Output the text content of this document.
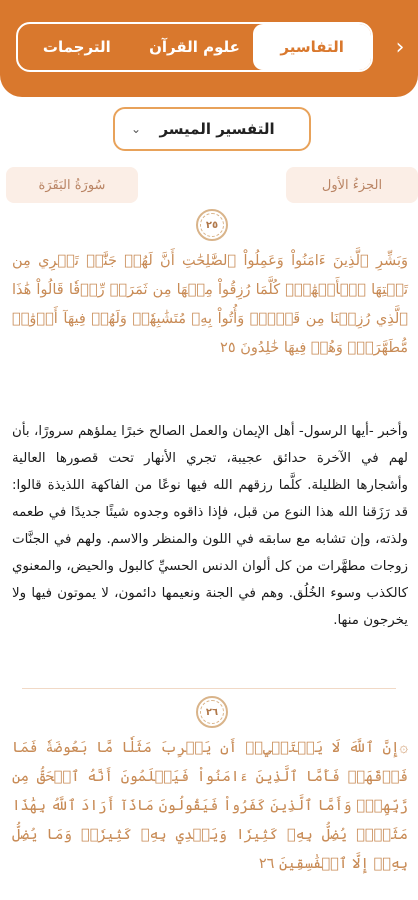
›
التفاسير
علوم القرآن
الترجمات
التفسير الميسر
⌄
الجزءُ الأول
سُورَةُ البَقَرَة
٢٥
وَبَشِّرِ ٱلَّذِينَ ءَامَنُواْ وَعَمِلُواْ ٱلصَّٰلِحَٰتِ أَنَّ لَهُمۡ جَنَّٰتٖ تَجۡرِي مِن تَحۡتِهَا ٱلۡأَنۡهَٰرُۖ كُلَّمَا رُزِقُواْ مِنۡهَا مِن ثَمَرَةٖ رِّزۡقٗا قَالُواْ هَٰذَا ٱلَّذِي رُزِقۡنَا مِن قَبۡلُۖ وَأُتُواْ بِهِۦ مُتَشَٰبِهٗاۖ وَلَهُمۡ فِيهَآ أَزۡوَٰجٞ مُّطَهَّرَةٞۖ وَهُمۡ فِيهَا خَٰلِدُونَ ٢٥
وأخبر -أيها الرسول- أهل الإيمان والعمل الصالح خبرًا يملؤهم سرورًا، بأن لهم في الآخرة حدائق عجيبة، تجري الأنهار تحت قصورها العالية وأشجارها الظليلة. كلَّما رزقهم الله فيها نوعًا من الفاكهة اللذيذة قالوا: قد رَزَقنا الله هذا النوع من قبل، فإذا ذاقوه وجدوه شيئًا جديدًا في طعمه ولذته، وإن تشابه مع سابقه في اللون والمنظر والاسم. ولهم في الجنَّات زوجات مطهَّرات من كل ألوان الدنس الحسيِّ كالبول والحيض، والمعنوي كالكذب وسوء الخُلُق. وهم في الجنة ونعيمها دائمون، لا يموتون فيها ولا يخرجون منها.
٢٦
۞إِنَّ ٱللَّهَ لَا يَسۡتَحۡيِۦٓ أَن يَضۡرِبَ مَثَلٗا مَّا بَعُوضَةٗ فَمَا فَوۡقَهَاۚ فَأَمَّا ٱلَّذِينَ ءَامَنُواْ فَيَعۡلَمُونَ أَنَّهُ ٱلۡحَقُّ مِن رَّبِّهِمۡۖ وَأَمَّا ٱلَّذِينَ كَفَرُواْ فَيَقُولُونَ مَاذَآ أَرَادَ ٱللَّهُ بِهَٰذَا مَثَلٗاۘ يُضِلُّ بِهِۦ كَثِيرٗا وَيَهۡدِي بِهِۦ كَثِيرٗاۚ وَمَا يُضِلُّ بِهِۦٓ إِلَّا ٱلۡفَٰسِقِينَ ٢٦
